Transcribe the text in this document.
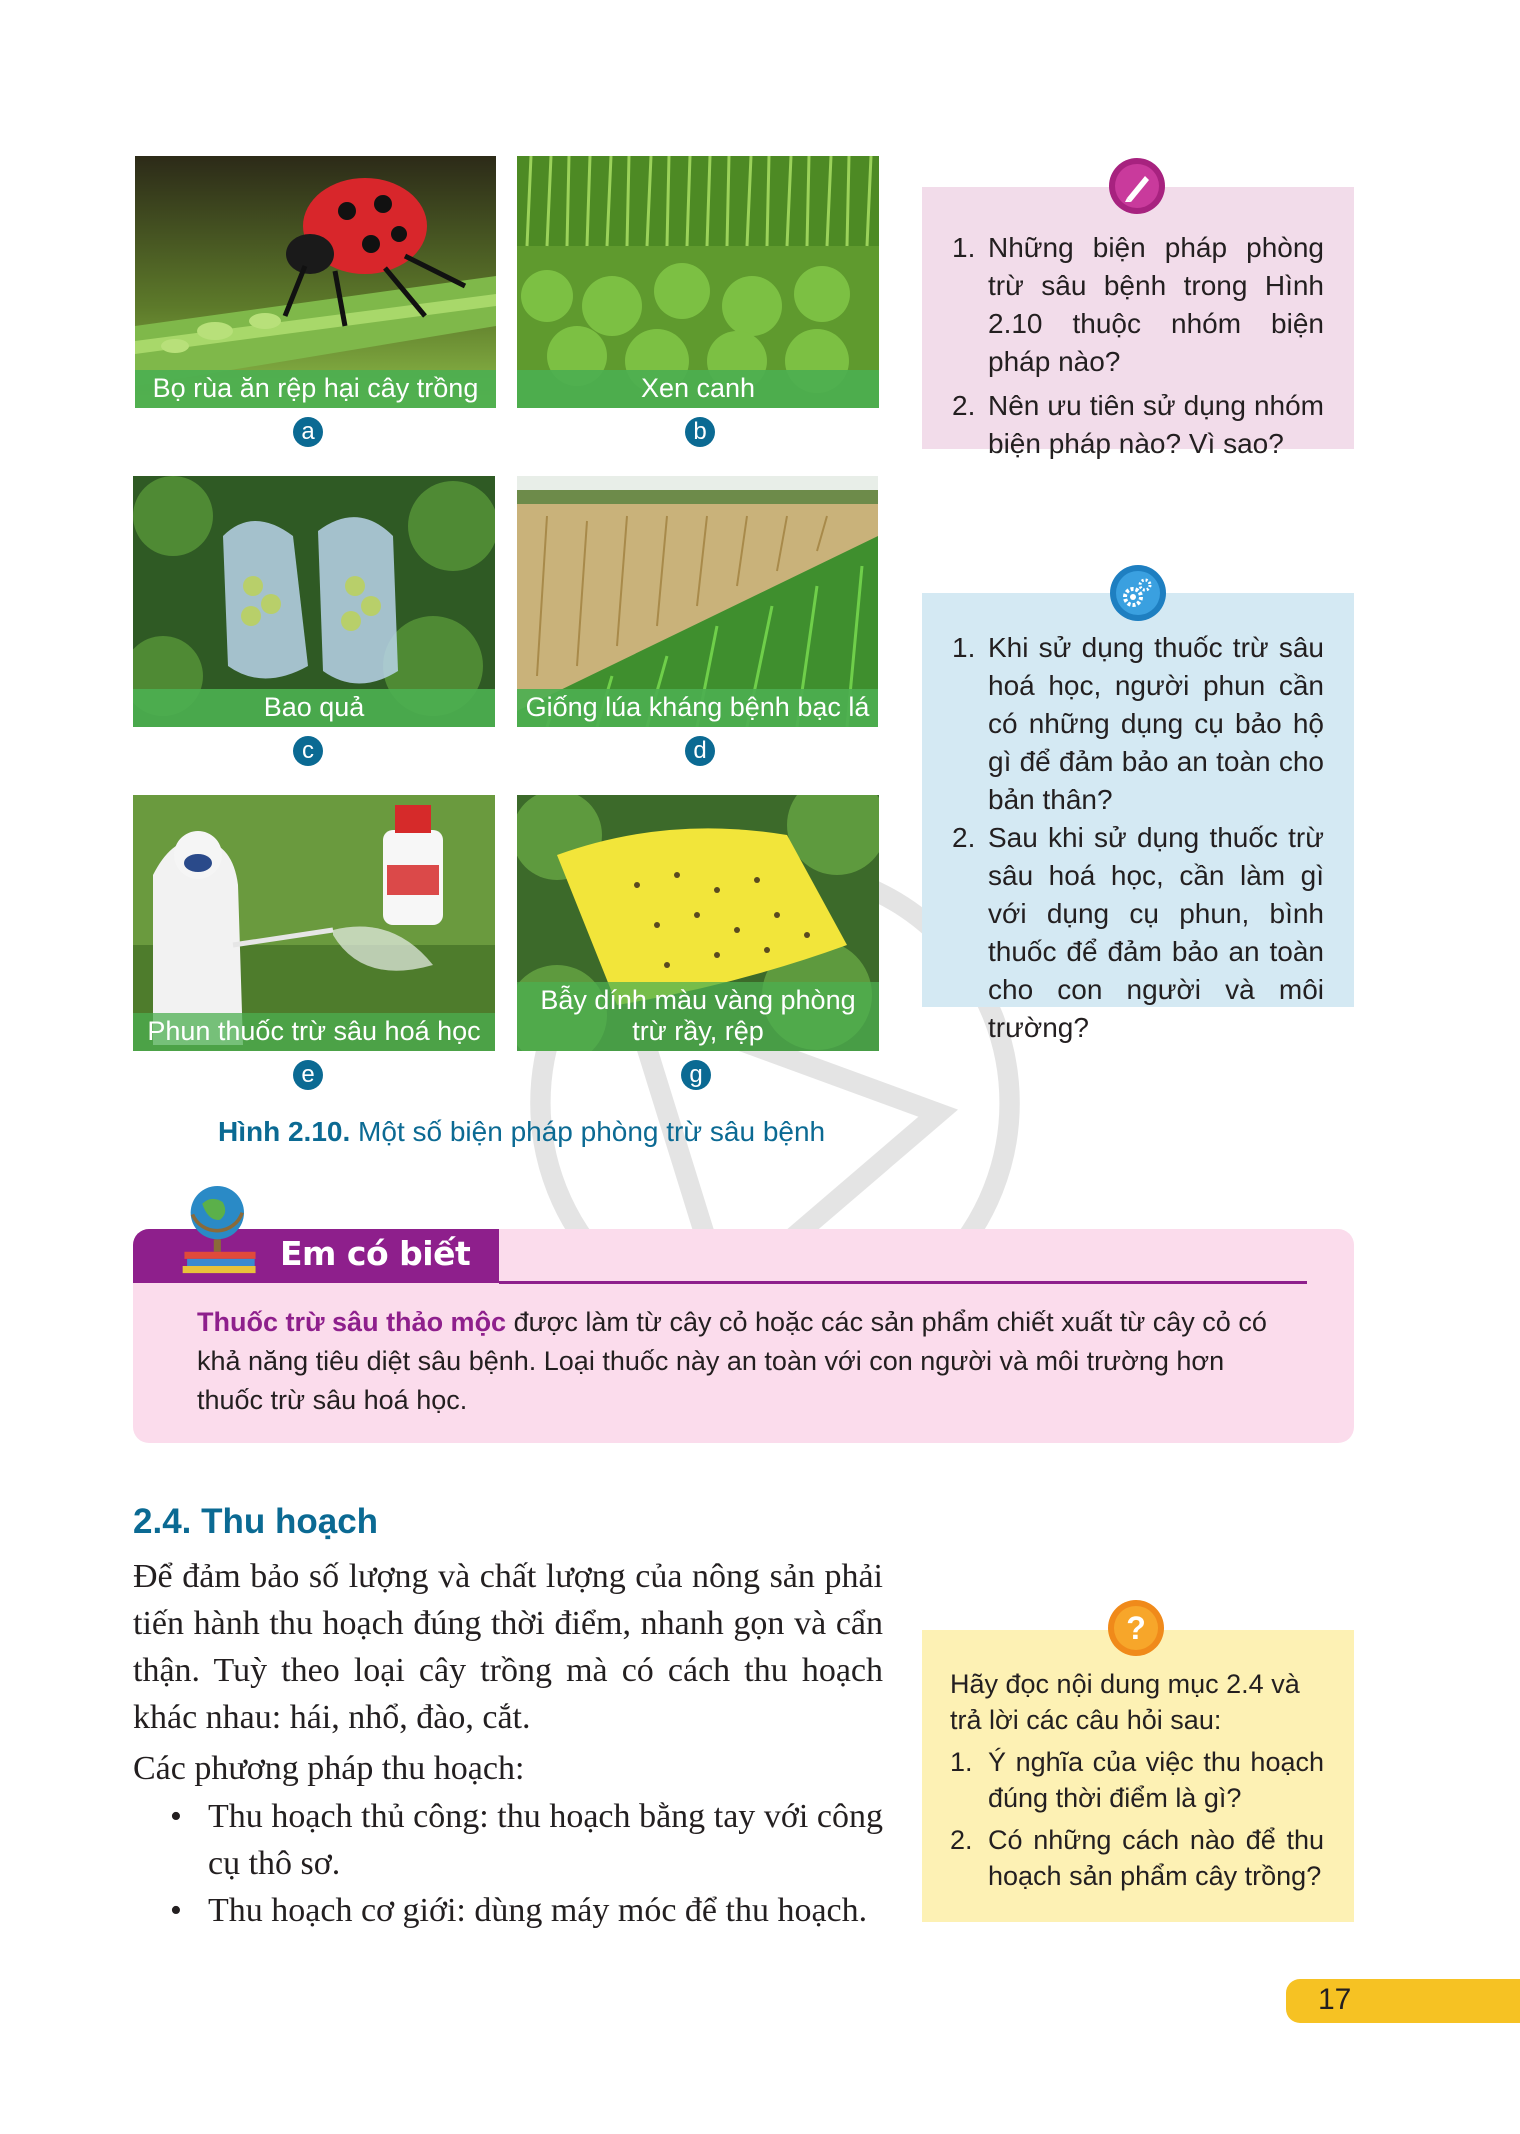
Bọ rùa ăn rệp hại cây trồng
a
Xen canh
b
Bao quả
c
Giống lúa kháng bệnh bạc lá
d
Phun thuốc trừ sâu hoá học
e
Bẫy dính màu vàng phòng trừ rầy, rệp
g
Hình 2.10. Một số biện pháp phòng trừ sâu bệnh
1. Những biện pháp phòng trừ sâu bệnh trong Hình 2.10 thuộc nhóm biện pháp nào?
2. Nên ưu tiên sử dụng nhóm biện pháp nào? Vì sao?
1. Khi sử dụng thuốc trừ sâu hoá học, người phun cần có những dụng cụ bảo hộ gì để đảm bảo an toàn cho bản thân?
2. Sau khi sử dụng thuốc trừ sâu hoá học, cần làm gì với dụng cụ phun, bình thuốc để đảm bảo an toàn cho con người và môi trường?
Em có biết
Thuốc trừ sâu thảo mộc được làm từ cây cỏ hoặc các sản phẩm chiết xuất từ cây cỏ có khả năng tiêu diệt sâu bệnh. Loại thuốc này an toàn với con người và môi trường hơn thuốc trừ sâu hoá học.
2.4. Thu hoạch
Để đảm bảo số lượng và chất lượng của nông sản phải tiến hành thu hoạch đúng thời điểm, nhanh gọn và cẩn thận. Tuỳ theo loại cây trồng mà có cách thu hoạch khác nhau: hái, nhổ, đào, cắt.
Các phương pháp thu hoạch:
• Thu hoạch thủ công: thu hoạch bằng tay với công cụ thô sơ.
• Thu hoạch cơ giới: dùng máy móc để thu hoạch.
Hãy đọc nội dung mục 2.4 và trả lời các câu hỏi sau:
1. Ý nghĩa của việc thu hoạch đúng thời điểm là gì?
2. Có những cách nào để thu hoạch sản phẩm cây trồng?
?
17
